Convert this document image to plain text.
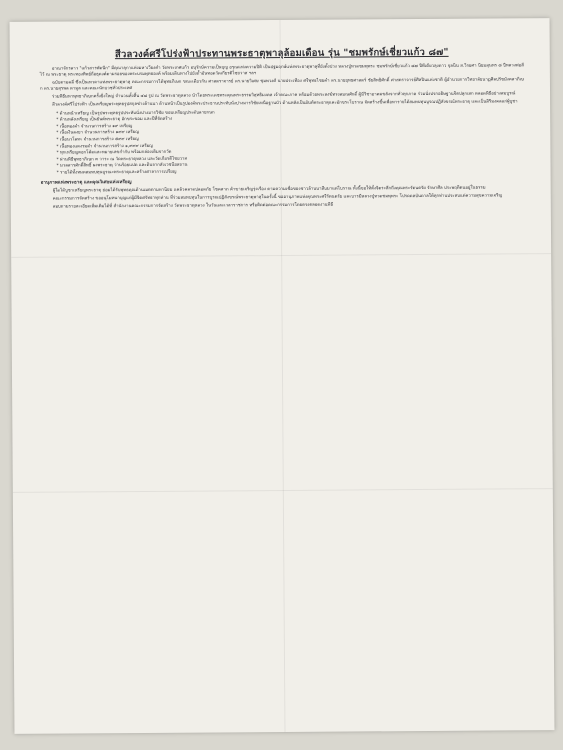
สีวลวงค์ศรีโปร่งฟ้าประทานพระธาตุพาลุล้อมเดือน รุ่น "ชมพรักษ์เชี่ยวแก้ว ๘๗"

อาณาจักรลาว "แก้วสารพัดนึก" มีคุณาลุกาแห่งมหาเวียงคำ วัดพระเกศแก้ว อนุรักษ์ความเป็นบุญ อรุณแห่งความปิติ เป็นปฐมฤกษ์แห่งพระธาตุพาลุที่ยังตั้งปวง หลวงปู่ทวดชมพุพระ ชมพรักษ์เชี่ยวแก้ว ๘๗ ปีทีเดียวลุงดาว จุลนิน ส.วิรยศา นิยมสุนทร ๘ ปีหลวงพ่อสีไว้ ณ พระธาตุ พระทองทิพย์ถือธุดงค์ตามรอยของพระบรมพุทธองค์ พร้อมเดินทางไปยังถ้ำอันทอดวัดเกียรติไชยวาส ฯลฯ

ฉบับตามคลี่ ซึ่งเป็นเทวดาแห่งพระธาตุพาลุ คณะกรรมการได้พุทธภิเษก ขณะเดียวกัน ศาสตราจารย์ ดร.นายวิเศษ ชุมพวงศ์ นายประเทือง ศรีพุทธไชยคำ ดร.นายยุทธศาสตร์ ชัยสิทธิศักดิ์ ศาสตราจารย์ศิลปินแห่งชาติ ผู้อำนวยการวิทยาลัยนาฏศิลปรัชมังคลาภิเษก ดร.นายสุรพล ตามูล และคณะนักบวชทั่วประเทศ

ร่วมพิธีมหาพุทธาภิเษกครั้งยิ่งใหญ่ จำนวนทั้งสิ้น ๔๘ รูป ณ วัดพระธาตุหลวง นำโดยพระเดชพระคุณพระธรรมวิสุทธิมงคล เจ้าคณะภาค พร้อมด้วยพระสงฆ์ทรงสมณศักดิ์ ผู้มีวิชาอาคมขลังจากทั่วทุกภาค ร่วมนั่งปรกอธิษฐานจิตปลุกเสก ตลอดพิธีอย่างสมบูรณ์

สีวลวงค์ศรีโปร่งฟ้า เป็นเหรียญพระพุทธรูปสกุลช่างล้านนา ด้านหน้าเป็นรูปองค์พระประธานประทับนั่งปางมารวิชัยเหนือฐานบัว ด้านหลังเป็นยันต์พระธาตุและอักขระโบราณ จัดสร้างขึ้นเพื่อหารายได้สมทบทุนบูรณปฏิสังขรณ์พระธาตุ และเป็นสิริมงคลแก่ผู้บูชา

* ด้านหน้าเหรียญ เป็นรูปพระพุทธรูปประทับนั่งปางมารวิชัย ขอบเหรียญประดับลายกนก
* ด้านหลังเหรียญ เป็นยันต์พระธาตุ อักขระขอม และปีที่จัดสร้าง
* เนื้อทองคำ จำนวนการสร้าง ๑๙ เหรียญ
* เนื้อเงินลงยา จำนวนการสร้าง ๑๙๙ เหรียญ
* เนื้อนวโลหะ จำนวนการสร้าง ๕๙๙ เหรียญ
* เนื้อทองแดงรมดำ จำนวนการสร้าง ๑,๙๙๙ เหรียญ
* ทุกเหรียญตอกโค้ดและหมายเลขกำกับ พร้อมกล่องเดิมจากวัด
* ผ่านพิธีพุทธาภิเษก ๓ วาระ ณ วัดพระธาตุหลวง และวัดเกียรติไชยวาส
* มวลสารศักดิ์สิทธิ์ ผงพระธาตุ ว่านร้อยแปด และดินจากสังเวชนียสถาน
* รายได้ทั้งหมดสมทบทุนบูรณะพระธาตุและสร้างศาลาการเปรียญ
อานุภาพแห่งพระธาตุ และคุณวิเศษแห่งเหรียญ

ผู้ใดได้บูชาเหรียญพระธาตุ ย่อมได้รับพุทธคุณด้านเมตตามหานิยม แคล้วคลาดปลอดภัย โชคลาภ ค้าขายเจริญรุ่งเรือง ตามความเชื่อของชาวล้านนาสืบมาแต่โบราณ ทั้งนี้ขอให้ตั้งจิตระลึกถึงคุณพระรัตนตรัย รักษาศีล ประพฤติตนอยู่ในธรรม

คณะกรรมการจัดสร้าง ขออนุโมทนาบุญแก่ผู้มีจิตศรัทธาทุกท่าน ที่ร่วมสมทบทุนในการบูรณปฏิสังขรณ์พระธาตุพาลุในครั้งนี้ ขออานุภาพแห่งคุณพระศรีรัตนตรัย และบารมีหลวงปู่ทวดชมพุพระ โปรดดลบันดาลให้ทุกท่านประสบแต่ความสุขความเจริญ

สอบถามรายละเอียดเพิ่มเติมได้ที่ สำนักงานคณะกรรมการจัดสร้าง วัดพระธาตุหลวง ในวันและเวลาราชการ หรือติดต่อคณะกรรมการโดยตรงตลอดงานพิธี
